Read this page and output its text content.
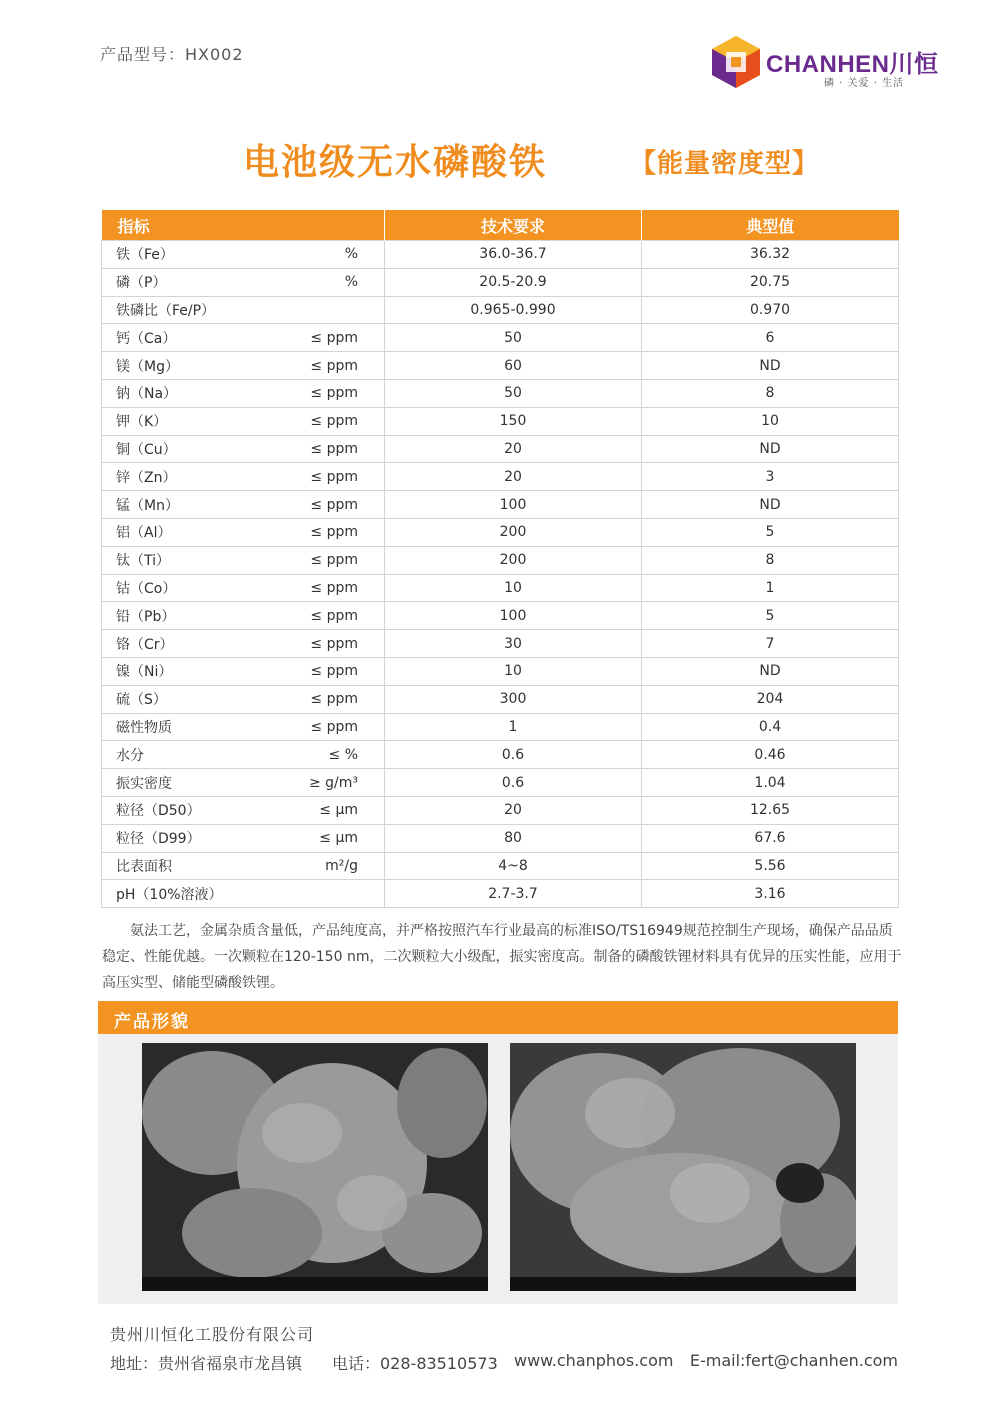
产品型号：HX002	CHANHEN川恒
磷 · 关爱 · 生活
电池级无水磷酸铁	【能量密度型】
指标	技术要求	典型值
铁（Fe） %	36.0-36.7	36.32
磷（P） %	20.5-20.9	20.75
铁磷比（Fe/P）	0.965-0.990	0.970
钙（Ca） ≤ ppm	50	6
镁（Mg） ≤ ppm	60	ND
钠（Na） ≤ ppm	50	8
钾（K） ≤ ppm	150	10
铜（Cu） ≤ ppm	20	ND
锌（Zn） ≤ ppm	20	3
锰（Mn） ≤ ppm	100	ND
铝（Al） ≤ ppm	200	5
钛（Ti） ≤ ppm	200	8
钴（Co） ≤ ppm	10	1
铅（Pb） ≤ ppm	100	5
铬（Cr） ≤ ppm	30	7
镍（Ni） ≤ ppm	10	ND
硫（S） ≤ ppm	300	204
磁性物质 ≤ ppm	1	0.4
水分 ≤ %	0.6	0.46
振实密度 ≥ g/m³	0.6	1.04
粒径（D50） ≤ μm	20	12.65
粒径（D99） ≤ μm	80	67.6
比表面积 m²/g	4~8	5.56
pH（10%溶液）	2.7-3.7	3.16
氨法工艺，金属杂质含量低，产品纯度高，并严格按照汽车行业最高的标准ISO/TS16949规范控制生产现场，确保产品品质稳定、性能优越。一次颗粒在120-150 nm，二次颗粒大小级配，振实密度高。制备的磷酸铁锂材料具有优异的压实性能，应用于高压实型、储能型磷酸铁锂。
产品形貌
贵州川恒化工股份有限公司
地址：贵州省福泉市龙昌镇 电话：028-83510573 www.chanphos.com E-mail:fert@chanhen.com
